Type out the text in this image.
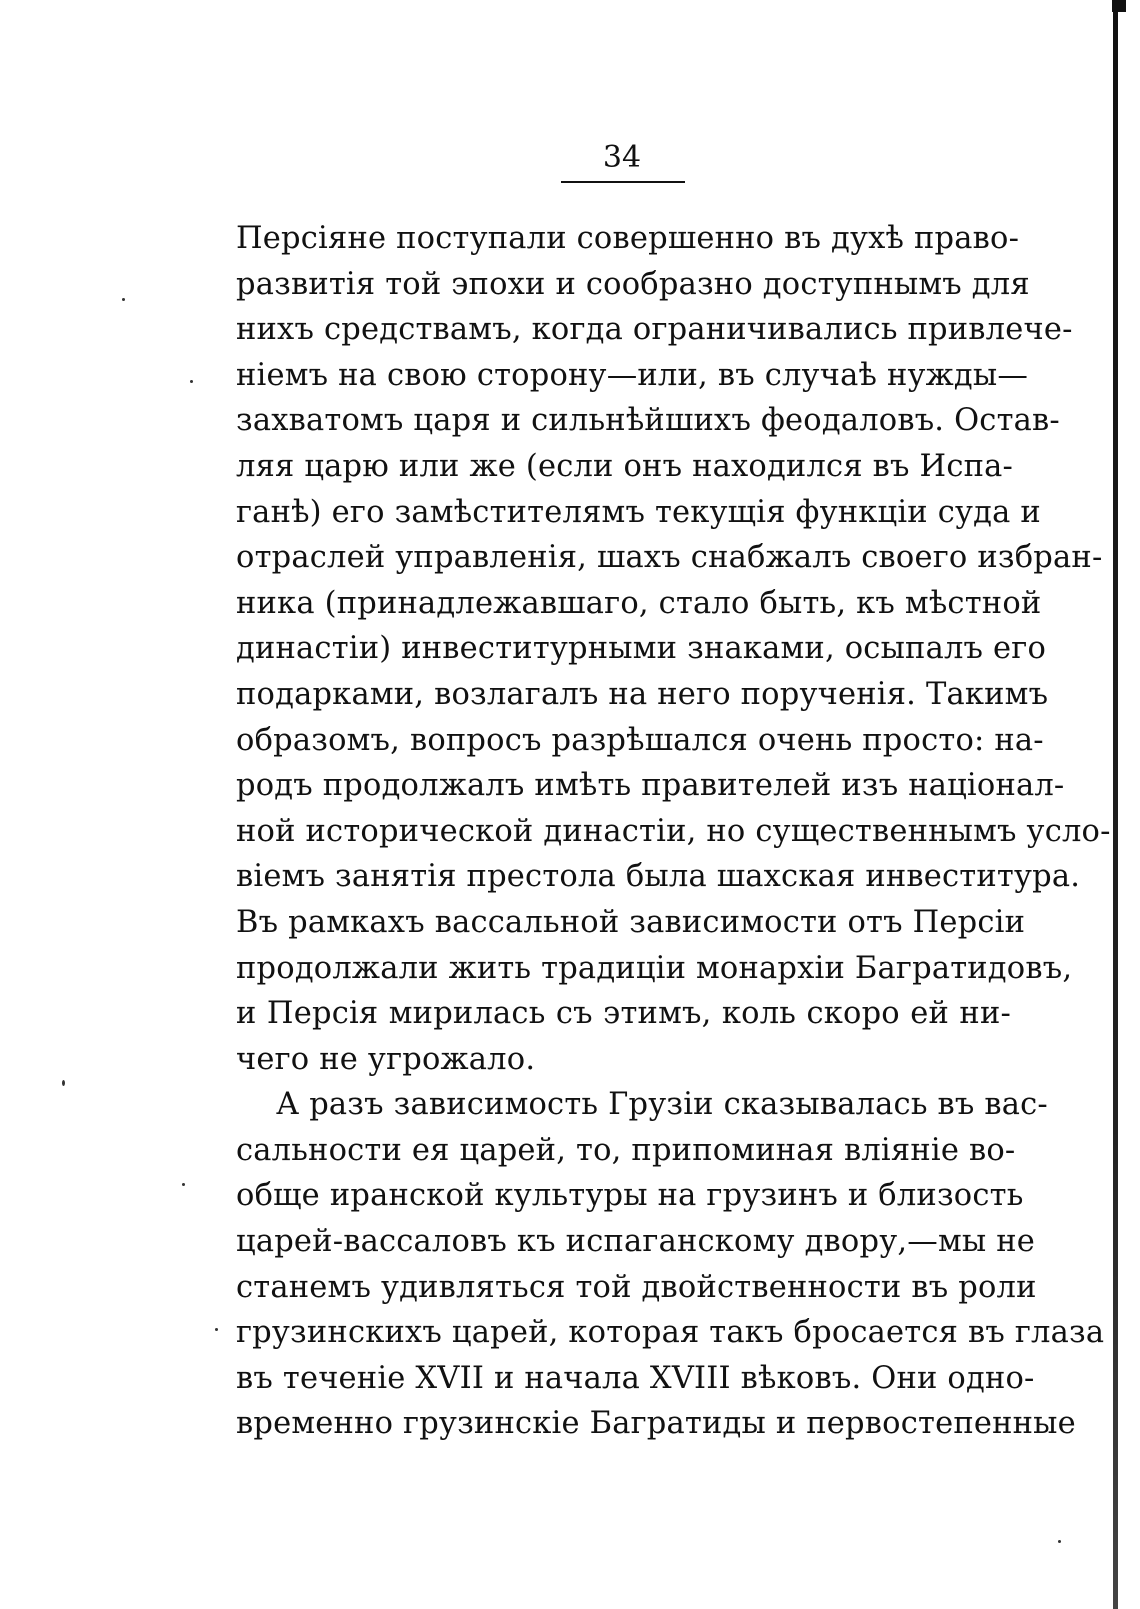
34
Персіяне поступали совершенно въ духѣ право-
развитія той эпохи и сообразно доступнымъ для
нихъ средствамъ, когда ограничивались привлече-
ніемъ на свою сторону—или, въ случаѣ нужды—
захватомъ царя и сильнѣйшихъ феодаловъ. Остав-
ляя царю или же (если онъ находился въ Испа-
ганѣ) его замѣстителямъ текущія функціи суда и
отраслей управленія, шахъ снабжалъ своего избран-
ника (принадлежавшаго, стало быть, къ мѣстной
династіи) инвеститурными знаками, осыпалъ его
подарками, возлагалъ на него порученія. Такимъ
образомъ, вопросъ разрѣшался очень просто: на-
родъ продолжалъ имѣть правителей изъ націонал-
ной исторической династіи, но существеннымъ усло-
віемъ занятія престола была шахская инвеститура.
Въ рамкахъ вассальной зависимости отъ Персіи
продолжали жить традиціи монархіи Багратидовъ,
и Персія мирилась съ этимъ, коль скоро ей ни-
чего не угрожало.
А разъ зависимость Грузіи сказывалась въ вас-
сальности ея царей, то, припоминая вліяніе во-
обще иранской культуры на грузинъ и близость
царей-вассаловъ къ испаганскому двору,—мы не
станемъ удивляться той двойственности въ роли
грузинскихъ царей, которая такъ бросается въ глаза
въ теченіе XVII и начала XVIII вѣковъ. Они одно-
временно грузинскіе Багратиды и первостепенные
